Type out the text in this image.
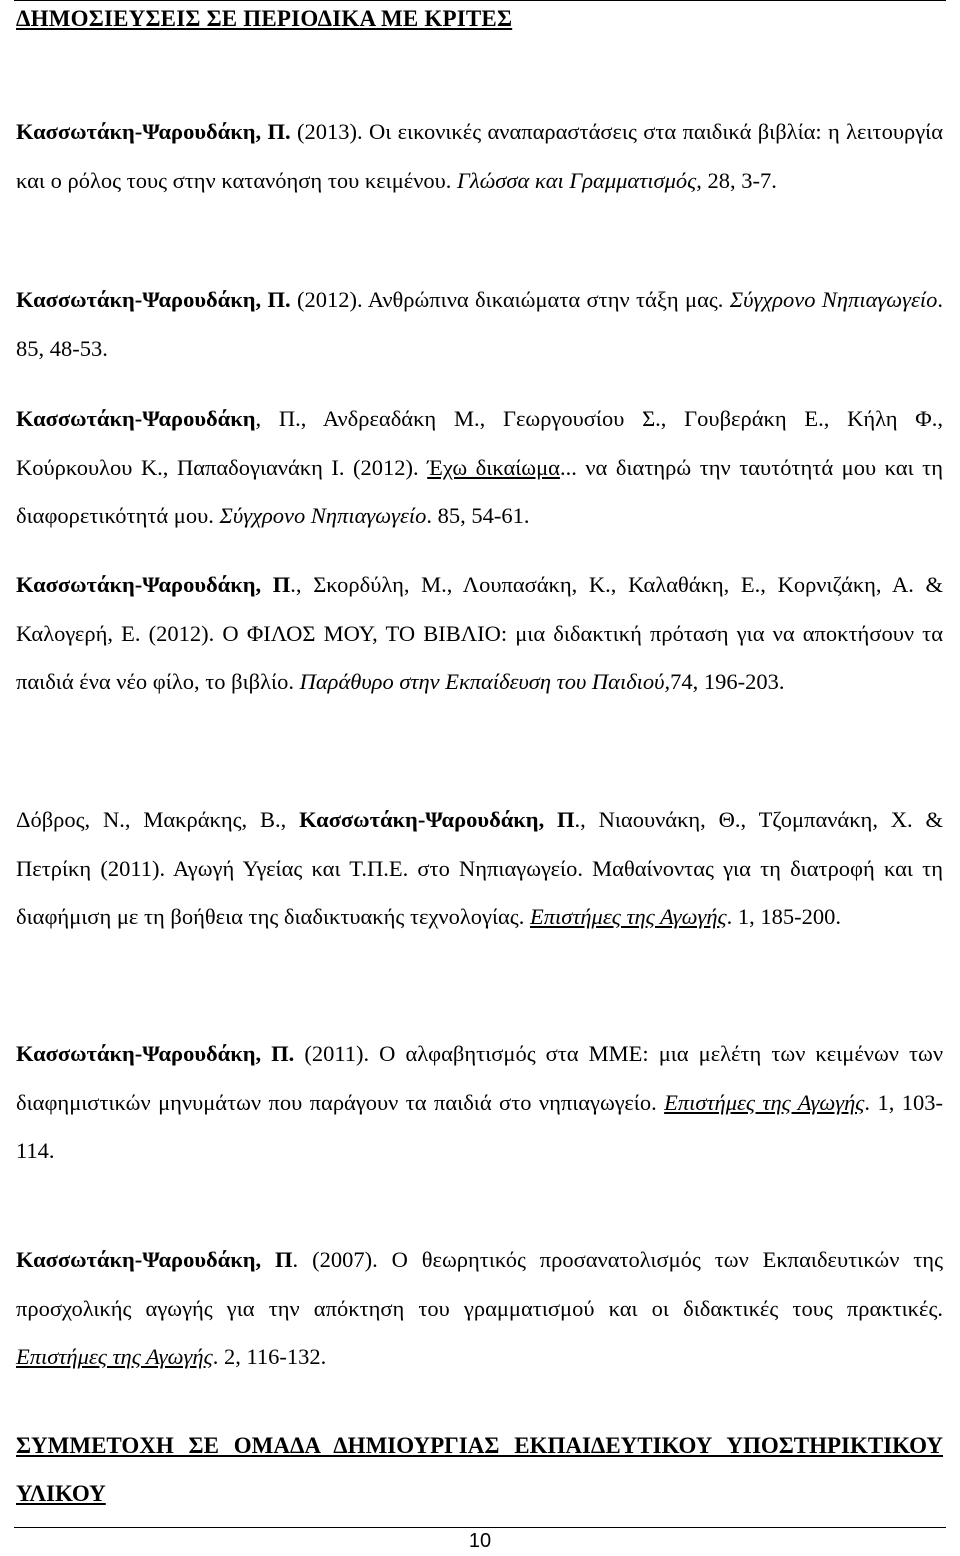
ΔΗΜΟΣΙΕΥΣΕΙΣ ΣΕ ΠΕΡΙΟΔΙΚΑ ΜΕ ΚΡΙΤΕΣ

Κασσωτάκη-Ψαρουδάκη, Π. (2013). Οι εικονικές αναπαραστάσεις στα παιδικά βιβλία: η λειτουργία και ο ρόλος τους στην κατανόηση του κειμένου. Γλώσσα και Γραμματισμός, 28, 3-7.

Κασσωτάκη-Ψαρουδάκη, Π. (2012). Ανθρώπινα δικαιώματα στην τάξη μας. Σύγχρονο Νηπιαγωγείο. 85, 48-53.

Κασσωτάκη-Ψαρουδάκη, Π., Ανδρεαδάκη Μ., Γεωργουσίου Σ., Γουβεράκη Ε., Κήλη Φ., Κούρκουλου Κ., Παπαδογιανάκη Ι. (2012). Έχω δικαίωμα... να διατηρώ την ταυτότητά μου και τη διαφορετικότητά μου. Σύγχρονο Νηπιαγωγείο. 85, 54-61.

Κασσωτάκη-Ψαρουδάκη, Π., Σκορδύλη, Μ., Λουπασάκη, Κ., Καλαθάκη, Ε., Κορνιζάκη, Α. & Καλογερή, Ε. (2012). Ο ΦΙΛΟΣ ΜΟΥ, ΤΟ ΒΙΒΛΙΟ: μια διδακτική πρόταση για να αποκτήσουν τα παιδιά ένα νέο φίλο, το βιβλίο. Παράθυρο στην Εκπαίδευση του Παιδιού,74, 196-203.

Δόβρος, Ν., Μακράκης, Β., Κασσωτάκη-Ψαρουδάκη, Π., Νιαουνάκη, Θ., Τζομπανάκη, Χ. & Πετρίκη (2011). Αγωγή Υγείας και Τ.Π.Ε. στο Νηπιαγωγείο. Μαθαίνοντας για τη διατροφή και τη διαφήμιση με τη βοήθεια της διαδικτυακής τεχνολογίας. Επιστήμες της Αγωγής. 1, 185-200.

Κασσωτάκη-Ψαρουδάκη, Π. (2011). Ο αλφαβητισμός στα ΜΜΕ: μια μελέτη των κειμένων των διαφημιστικών μηνυμάτων που παράγουν τα παιδιά στο νηπιαγωγείο. Επιστήμες της Αγωγής. 1, 103-114.

Κασσωτάκη-Ψαρουδάκη, Π. (2007). Ο θεωρητικός προσανατολισμός των Εκπαιδευτικών της προσχολικής αγωγής για την απόκτηση του γραμματισμού και οι διδακτικές τους πρακτικές. Επιστήμες της Αγωγής. 2, 116-132.

ΣΥΜΜΕΤΟΧΗ ΣΕ ΟΜΑΔΑ ΔΗΜΙΟΥΡΓΙΑΣ ΕΚΠΑΙΔΕΥΤΙΚΟΥ ΥΠΟΣΤΗΡΙΚΤΙΚΟΥ ΥΛΙΚΟΥ
10
